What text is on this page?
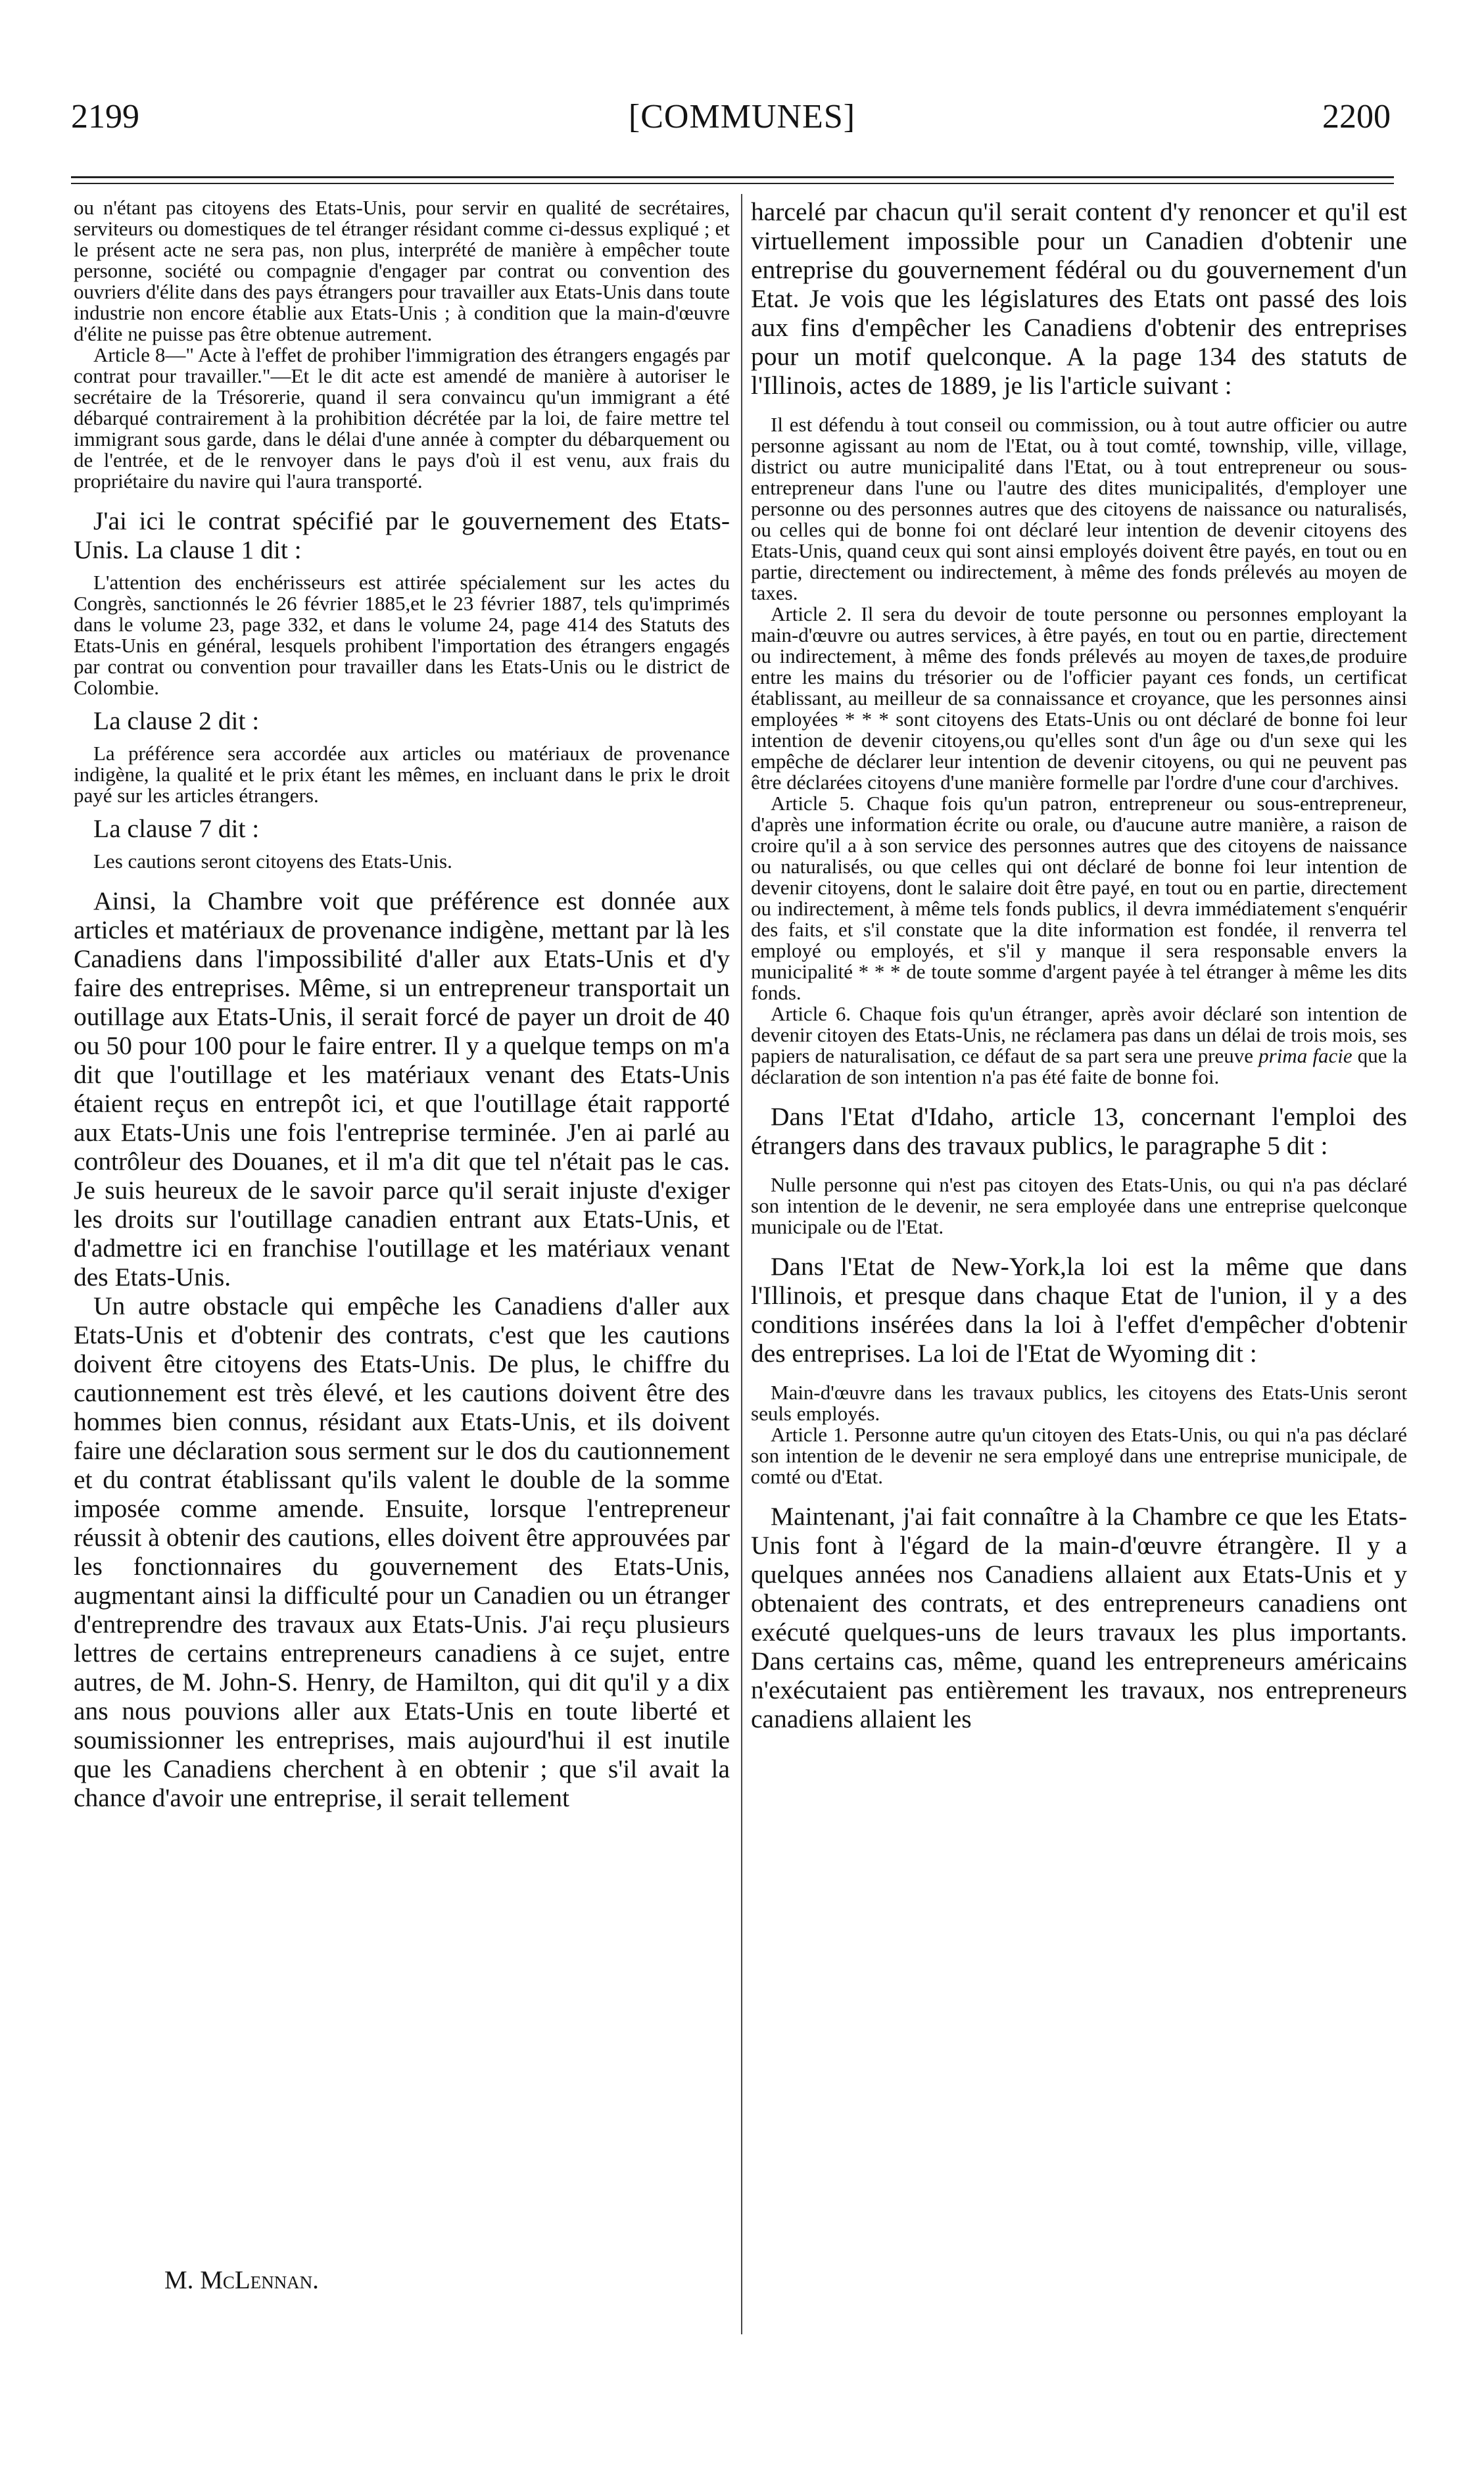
2199	[COMMUNES]	2200

ou n'étant pas citoyens des Etats-Unis, pour servir en qualité de secrétaires, serviteurs ou domestiques de tel étranger résidant comme ci-dessus expliqué ; et le présent acte ne sera pas, non plus, interprété de manière à empêcher toute personne, société ou compagnie d'engager par contrat ou convention des ouvriers d'élite dans des pays étrangers pour travailler aux Etats-Unis dans toute industrie non encore établie aux Etats-Unis ; à condition que la main-d'œuvre d'élite ne puisse pas être obtenue autrement.

Article 8—" Acte à l'effet de prohiber l'immigration des étrangers engagés par contrat pour travailler."—Et le dit acte est amendé de manière à autoriser le secrétaire de la Trésorerie, quand il sera convaincu qu'un immigrant a été débarqué contrairement à la prohibition décrétée par la loi, de faire mettre tel immigrant sous garde, dans le délai d'une année à compter du débarquement ou de l'entrée, et de le renvoyer dans le pays d'où il est venu, aux frais du propriétaire du navire qui l'aura transporté.

J'ai ici le contrat spécifié par le gouvernement des Etats-Unis. La clause 1 dit :

L'attention des enchérisseurs est attirée spécialement sur les actes du Congrès, sanctionnés le 26 février 1885,et le 23 février 1887, tels qu'imprimés dans le volume 23, page 332, et dans le volume 24, page 414 des Statuts des Etats-Unis en général, lesquels prohibent l'importation des étrangers engagés par contrat ou convention pour travailler dans les Etats-Unis ou le district de Colombie.

La clause 2 dit :

La préférence sera accordée aux articles ou matériaux de provenance indigène, la qualité et le prix étant les mêmes, en incluant dans le prix le droit payé sur les articles étrangers.

La clause 7 dit :

Les cautions seront citoyens des Etats-Unis.

Ainsi, la Chambre voit que préférence est donnée aux articles et matériaux de provenance indigène, mettant par là les Canadiens dans l'impossibilité d'aller aux Etats-Unis et d'y faire des entreprises. Même, si un entrepreneur transportait un outillage aux Etats-Unis, il serait forcé de payer un droit de 40 ou 50 pour 100 pour le faire entrer. Il y a quelque temps on m'a dit que l'outillage et les matériaux venant des Etats-Unis étaient reçus en entrepôt ici, et que l'outillage était rapporté aux Etats-Unis une fois l'entreprise terminée. J'en ai parlé au contrôleur des Douanes, et il m'a dit que tel n'était pas le cas. Je suis heureux de le savoir parce qu'il serait injuste d'exiger les droits sur l'outillage canadien entrant aux Etats-Unis, et d'admettre ici en franchise l'outillage et les matériaux venant des Etats-Unis.

Un autre obstacle qui empêche les Canadiens d'aller aux Etats-Unis et d'obtenir des contrats, c'est que les cautions doivent être citoyens des Etats-Unis. De plus, le chiffre du cautionnement est très élevé, et les cautions doivent être des hommes bien connus, résidant aux Etats-Unis, et ils doivent faire une déclaration sous serment sur le dos du cautionnement et du contrat établissant qu'ils valent le double de la somme imposée comme amende. Ensuite, lorsque l'entrepreneur réussit à obtenir des cautions, elles doivent être approuvées par les fonctionnaires du gouvernement des Etats-Unis, augmentant ainsi la difficulté pour un Canadien ou un étranger d'entreprendre des travaux aux Etats-Unis. J'ai reçu plusieurs lettres de certains entrepreneurs canadiens à ce sujet, entre autres, de M. John-S. Henry, de Hamilton, qui dit qu'il y a dix ans nous pouvions aller aux Etats-Unis en toute liberté et soumissionner les entreprises, mais aujourd'hui il est inutile que les Canadiens cherchent à en obtenir ; que s'il avait la chance d'avoir une entreprise, il serait tellement

M. McLennan.

harcelé par chacun qu'il serait content d'y renoncer et qu'il est virtuellement impossible pour un Canadien d'obtenir une entreprise du gouvernement fédéral ou du gouvernement d'un Etat. Je vois que les législatures des Etats ont passé des lois aux fins d'empêcher les Canadiens d'obtenir des entreprises pour un motif quelconque. A la page 134 des statuts de l'Illinois, actes de 1889, je lis l'article suivant :

Il est défendu à tout conseil ou commission, ou à tout autre officier ou autre personne agissant au nom de l'Etat, ou à tout comté, township, ville, village, district ou autre municipalité dans l'Etat, ou à tout entrepreneur ou sous-entrepreneur dans l'une ou l'autre des dites municipalités, d'employer une personne ou des personnes autres que des citoyens de naissance ou naturalisés, ou celles qui de bonne foi ont déclaré leur intention de devenir citoyens des Etats-Unis, quand ceux qui sont ainsi employés doivent être payés, en tout ou en partie, directement ou indirectement, à même des fonds prélevés au moyen de taxes.

Article 2. Il sera du devoir de toute personne ou personnes employant la main-d'œuvre ou autres services, à être payés, en tout ou en partie, directement ou indirectement, à même des fonds prélevés au moyen de taxes,de produire entre les mains du trésorier ou de l'officier payant ces fonds, un certificat établissant, au meilleur de sa connaissance et croyance, que les personnes ainsi employées * * * sont citoyens des Etats-Unis ou ont déclaré de bonne foi leur intention de devenir citoyens,ou qu'elles sont d'un âge ou d'un sexe qui les empêche de déclarer leur intention de devenir citoyens, ou qui ne peuvent pas être déclarées citoyens d'une manière formelle par l'ordre d'une cour d'archives.

Article 5. Chaque fois qu'un patron, entrepreneur ou sous-entrepreneur, d'après une information écrite ou orale, ou d'aucune autre manière, a raison de croire qu'il a à son service des personnes autres que des citoyens de naissance ou naturalisés, ou que celles qui ont déclaré de bonne foi leur intention de devenir citoyens, dont le salaire doit être payé, en tout ou en partie, directement ou indirectement, à même tels fonds publics, il devra immédiatement s'enquérir des faits, et s'il constate que la dite information est fondée, il renverra tel employé ou employés, et s'il y manque il sera responsable envers la municipalité * * * de toute somme d'argent payée à tel étranger à même les dits fonds.

Article 6. Chaque fois qu'un étranger, après avoir déclaré son intention de devenir citoyen des Etats-Unis, ne réclamera pas dans un délai de trois mois, ses papiers de naturalisation, ce défaut de sa part sera une preuve prima facie que la déclaration de son intention n'a pas été faite de bonne foi.

Dans l'Etat d'Idaho, article 13, concernant l'emploi des étrangers dans des travaux publics, le paragraphe 5 dit :

Nulle personne qui n'est pas citoyen des Etats-Unis, ou qui n'a pas déclaré son intention de le devenir, ne sera employée dans une entreprise quelconque municipale ou de l'Etat.

Dans l'Etat de New-York,la loi est la même que dans l'Illinois, et presque dans chaque Etat de l'union, il y a des conditions insérées dans la loi à l'effet d'empêcher d'obtenir des entreprises. La loi de l'Etat de Wyoming dit :

Main-d'œuvre dans les travaux publics, les citoyens des Etats-Unis seront seuls employés.

Article 1. Personne autre qu'un citoyen des Etats-Unis, ou qui n'a pas déclaré son intention de le devenir ne sera employé dans une entreprise municipale, de comté ou d'Etat.

Maintenant, j'ai fait connaître à la Chambre ce que les Etats-Unis font à l'égard de la main-d'œuvre étrangère. Il y a quelques années nos Canadiens allaient aux Etats-Unis et y obtenaient des contrats, et des entrepreneurs canadiens ont exécuté quelques-uns de leurs travaux les plus importants. Dans certains cas, même, quand les entrepreneurs américains n'exécutaient pas entièrement les travaux, nos entrepreneurs canadiens allaient les
